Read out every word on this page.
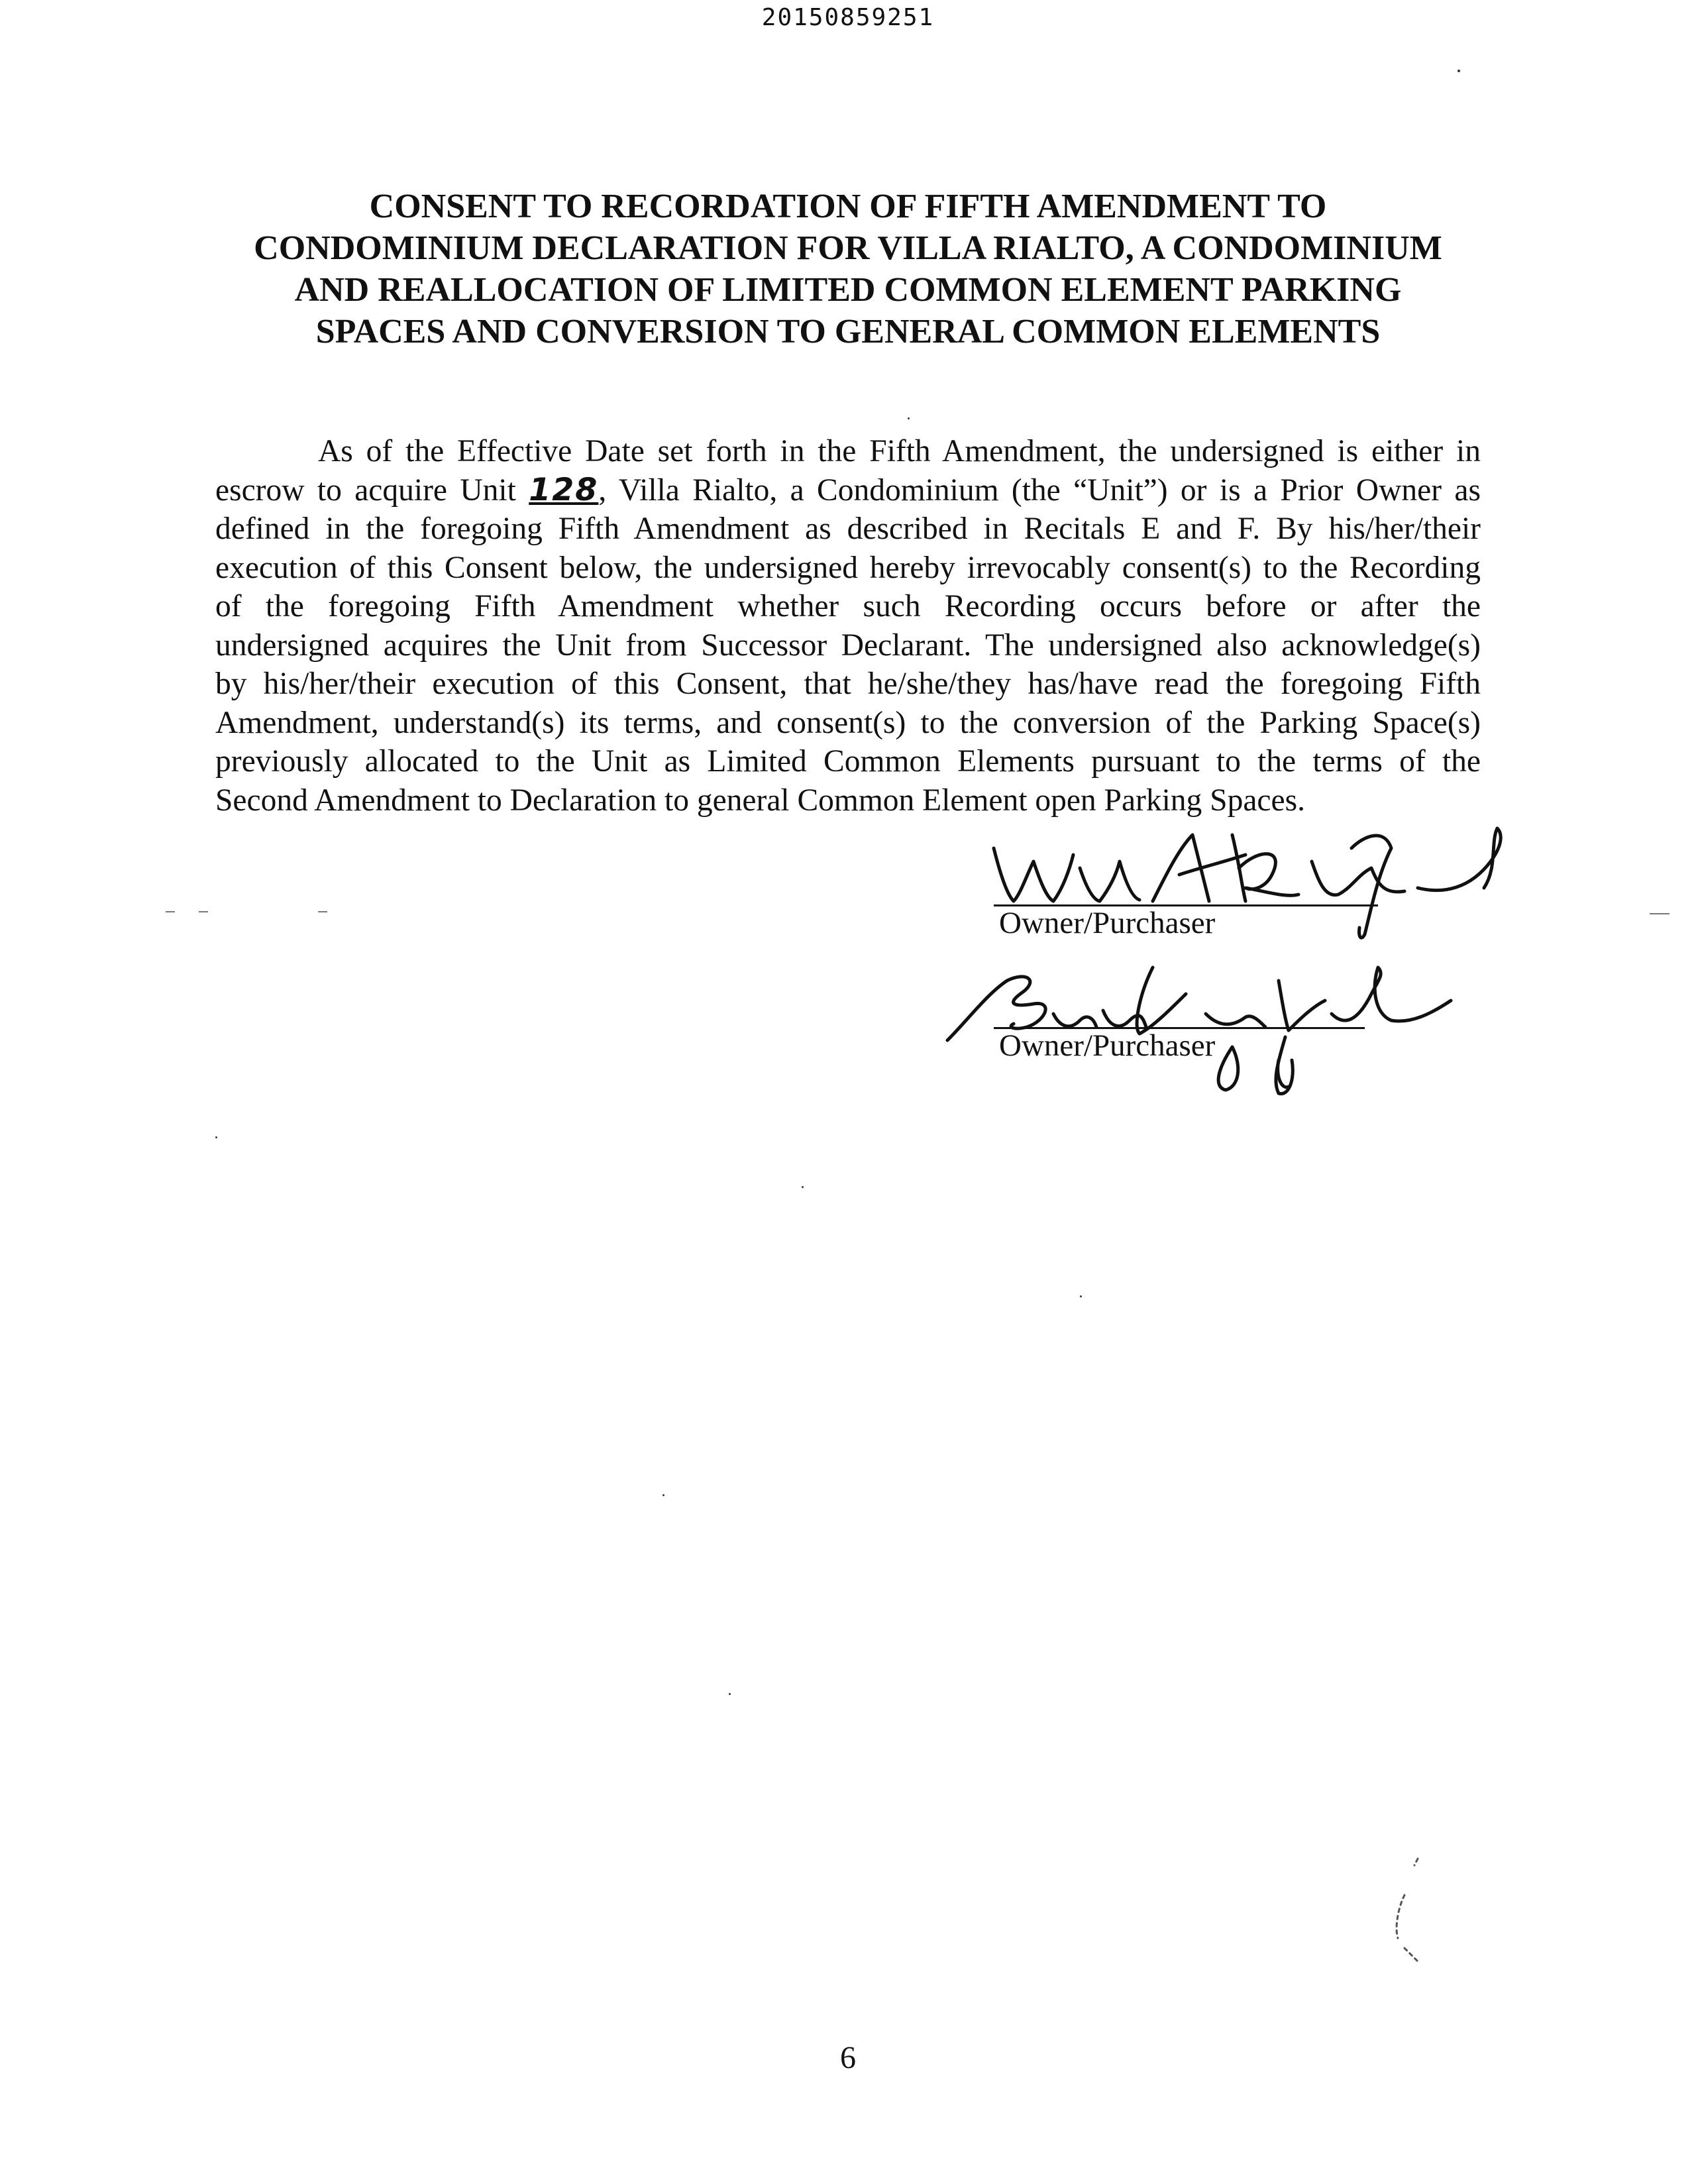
20150859251
CONSENT TO RECORDATION OF FIFTH AMENDMENT TO
CONDOMINIUM DECLARATION FOR VILLA RIALTO, A CONDOMINIUM
AND REALLOCATION OF LIMITED COMMON ELEMENT PARKING
SPACES AND CONVERSION TO GENERAL COMMON ELEMENTS
As of the Effective Date set forth in the Fifth Amendment, the undersigned is either in
escrow to acquire Unit 128, Villa Rialto, a Condominium (the “Unit”) or is a Prior Owner as
defined in the foregoing Fifth Amendment as described in Recitals E and F. By his/her/their
execution of this Consent below, the undersigned hereby irrevocably consent(s) to the Recording
of the foregoing Fifth Amendment whether such Recording occurs before or after the
undersigned acquires the Unit from Successor Declarant. The undersigned also acknowledge(s)
by his/her/their execution of this Consent, that he/she/they has/have read the foregoing Fifth
Amendment, understand(s) its terms, and consent(s) to the conversion of the Parking Space(s)
previously allocated to the Unit as Limited Common Elements pursuant to the terms of the
Second Amendment to Declaration to general Common Element open Parking Spaces.
Owner/Purchaser
Owner/Purchaser
6
